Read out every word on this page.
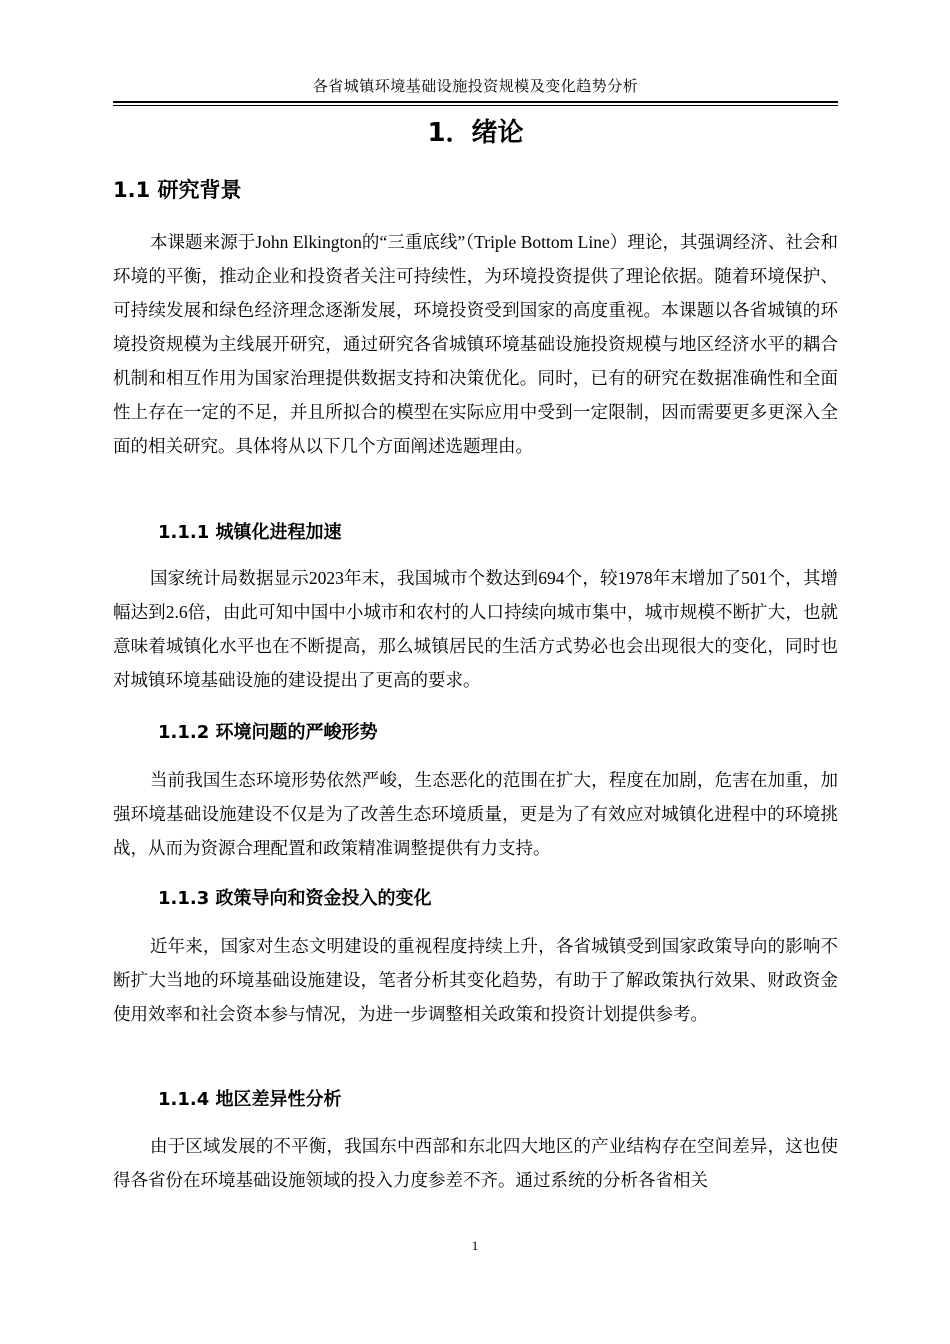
各省城镇环境基础设施投资规模及变化趋势分析
1．绪论
1.1 研究背景

本课题来源于John Elkington的“三重底线”（Triple Bottom Line）理论，其强调经济、社会和环境的平衡，推动企业和投资者关注可持续性，为环境投资提供了理论依据。随着环境保护、可持续发展和绿色经济理念逐渐发展，环境投资受到国家的高度重视。本课题以各省城镇的环境投资规模为主线展开研究，通过研究各省城镇环境基础设施投资规模与地区经济水平的耦合机制和相互作用为国家治理提供数据支持和决策优化。同时，已有的研究在数据准确性和全面性上存在一定的不足，并且所拟合的模型在实际应用中受到一定限制，因而需要更多更深入全面的相关研究。具体将从以下几个方面阐述选题理由。

1.1.1 城镇化进程加速

国家统计局数据显示2023年末，我国城市个数达到694个，较1978年末增加了501个，其增幅达到2.6倍，由此可知中国中小城市和农村的人口持续向城市集中，城市规模不断扩大，也就意味着城镇化水平也在不断提高，那么城镇居民的生活方式势必也会出现很大的变化，同时也对城镇环境基础设施的建设提出了更高的要求。

1.1.2 环境问题的严峻形势

当前我国生态环境形势依然严峻，生态恶化的范围在扩大，程度在加剧，危害在加重，加强环境基础设施建设不仅是为了改善生态环境质量，更是为了有效应对城镇化进程中的环境挑战，从而为资源合理配置和政策精准调整提供有力支持。

1.1.3 政策导向和资金投入的变化

近年来，国家对生态文明建设的重视程度持续上升，各省城镇受到国家政策导向的影响不断扩大当地的环境基础设施建设，笔者分析其变化趋势，有助于了解政策执行效果、财政资金使用效率和社会资本参与情况，为进一步调整相关政策和投资计划提供参考。

1.1.4 地区差异性分析

由于区域发展的不平衡，我国东中西部和东北四大地区的产业结构存在空间差异，这也使得各省份在环境基础设施领域的投入力度参差不齐。通过系统的分析各省相关

1
